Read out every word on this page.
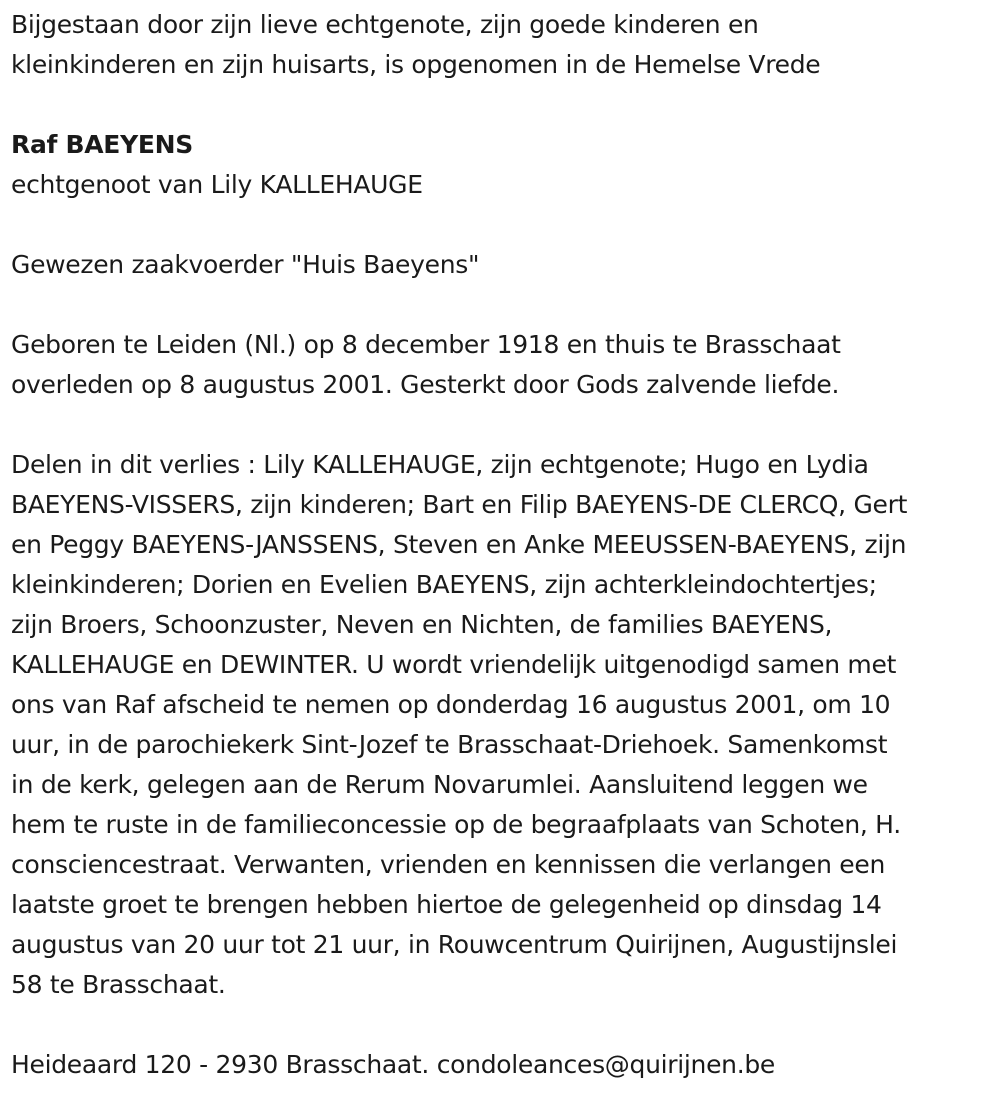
Bijgestaan door zijn lieve echtgenote, zijn goede kinderen en
kleinkinderen en zijn huisarts, is opgenomen in de Hemelse Vrede

Raf BAEYENS

echtgenoot van Lily KALLEHAUGE

Gewezen zaakvoerder "Huis Baeyens"

Geboren te Leiden (Nl.) op 8 december 1918 en thuis te Brasschaat
overleden op 8 augustus 2001. Gesterkt door Gods zalvende liefde.

Delen in dit verlies : Lily KALLEHAUGE, zijn echtgenote; Hugo en Lydia
BAEYENS-VISSERS, zijn kinderen; Bart en Filip BAEYENS-DE CLERCQ, Gert
en Peggy BAEYENS-JANSSENS, Steven en Anke MEEUSSEN-BAEYENS, zijn
kleinkinderen; Dorien en Evelien BAEYENS, zijn achterkleindochtertjes;
zijn Broers, Schoonzuster, Neven en Nichten, de families BAEYENS,
KALLEHAUGE en DEWINTER. U wordt vriendelijk uitgenodigd samen met
ons van Raf afscheid te nemen op donderdag 16 augustus 2001, om 10
uur, in de parochiekerk Sint-Jozef te Brasschaat-Driehoek. Samenkomst
in de kerk, gelegen aan de Rerum Novarumlei. Aansluitend leggen we
hem te ruste in de familieconcessie op de begraafplaats van Schoten, H.
consciencestraat. Verwanten, vrienden en kennissen die verlangen een
laatste groet te brengen hebben hiertoe de gelegenheid op dinsdag 14
augustus van 20 uur tot 21 uur, in Rouwcentrum Quirijnen, Augustijnslei
58 te Brasschaat.

Heideaard 120 - 2930 Brasschaat. condoleances@quirijnen.be
